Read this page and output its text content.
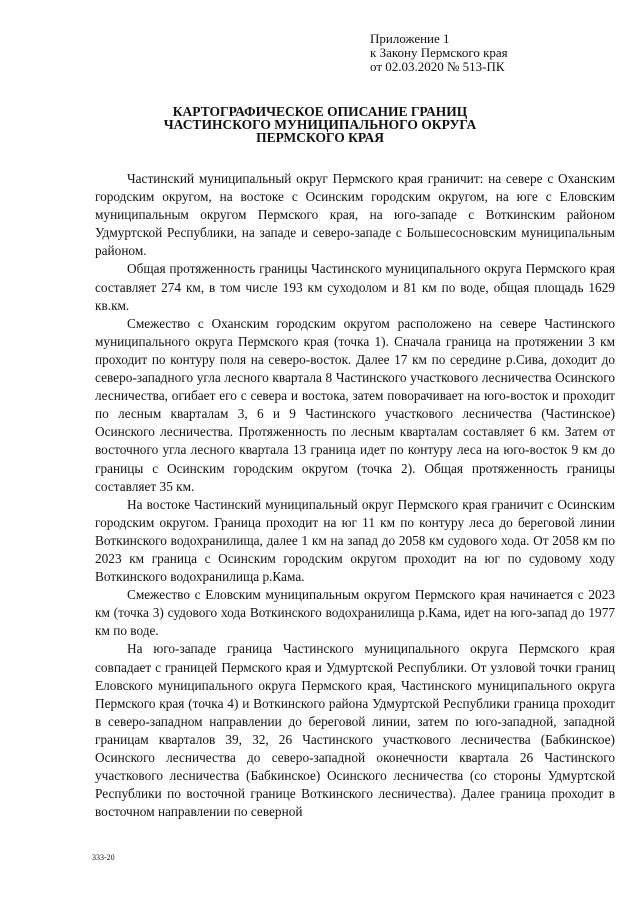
Приложение 1
к Закону Пермского края
от 02.03.2020 № 513-ПК
КАРТОГРАФИЧЕСКОЕ ОПИСАНИЕ ГРАНИЦ
ЧАСТИНСКОГО МУНИЦИПАЛЬНОГО ОКРУГА
ПЕРМСКОГО КРАЯ

Частинский муниципальный округ Пермского края граничит: на севере с Оханским городским округом, на востоке с Осинским городским округом, на юге с Еловским муниципальным округом Пермского края, на юго-западе с Воткинским районом Удмуртской Республики, на западе и северо-западе с Большесосновским муниципальным районом.

Общая протяженность границы Частинского муниципального округа Пермского края составляет 274 км, в том числе 193 км суходолом и 81 км по воде, общая площадь 1629 кв.км.

Смежество с Оханским городским округом расположено на севере Частинского муниципального округа Пермского края (точка 1). Сначала граница на протяжении 3 км проходит по контуру поля на северо-восток. Далее 17 км по середине р.Сива, доходит до северо-западного угла лесного квартала 8 Частинского участкового лесничества Осинского лесничества, огибает его с севера и востока, затем поворачивает на юго-восток и проходит по лесным кварталам 3, 6 и 9 Частинского участкового лесничества (Частинское) Осинского лесничества. Протяженность по лесным кварталам составляет 6 км. Затем от восточного угла лесного квартала 13 граница идет по контуру леса на юго-восток 9 км до границы с Осинским городским округом (точка 2). Общая протяженность границы составляет 35 км.

На востоке Частинский муниципальный округ Пермского края граничит с Осинским городским округом. Граница проходит на юг 11 км по контуру леса до береговой линии Воткинского водохранилища, далее 1 км на запад до 2058 км судового хода. От 2058 км по 2023 км граница с Осинским городским округом проходит на юг по судовому ходу Воткинского водохранилища р.Кама.

Смежество с Еловским муниципальным округом Пермского края начинается с 2023 км (точка 3) судового хода Воткинского водохранилища р.Кама, идет на юго-запад до 1977 км по воде.

На юго-западе граница Частинского муниципального округа Пермского края совпадает с границей Пермского края и Удмуртской Республики. От узловой точки границ Еловского муниципального округа Пермского края, Частинского муниципального округа Пермского края (точка 4) и Воткинского района Удмуртской Республики граница проходит в северо-западном направлении до береговой линии, затем по юго-западной, западной границам кварталов 39, 32, 26 Частинского участкового лесничества (Бабкинское) Осинского лесничества до северо-западной оконечности квартала 26 Частинского участкового лесничества (Бабкинское) Осинского лесничества (со стороны Удмуртской Республики по восточной границе Воткинского лесничества). Далее граница проходит в восточном направлении по северной

333-20
